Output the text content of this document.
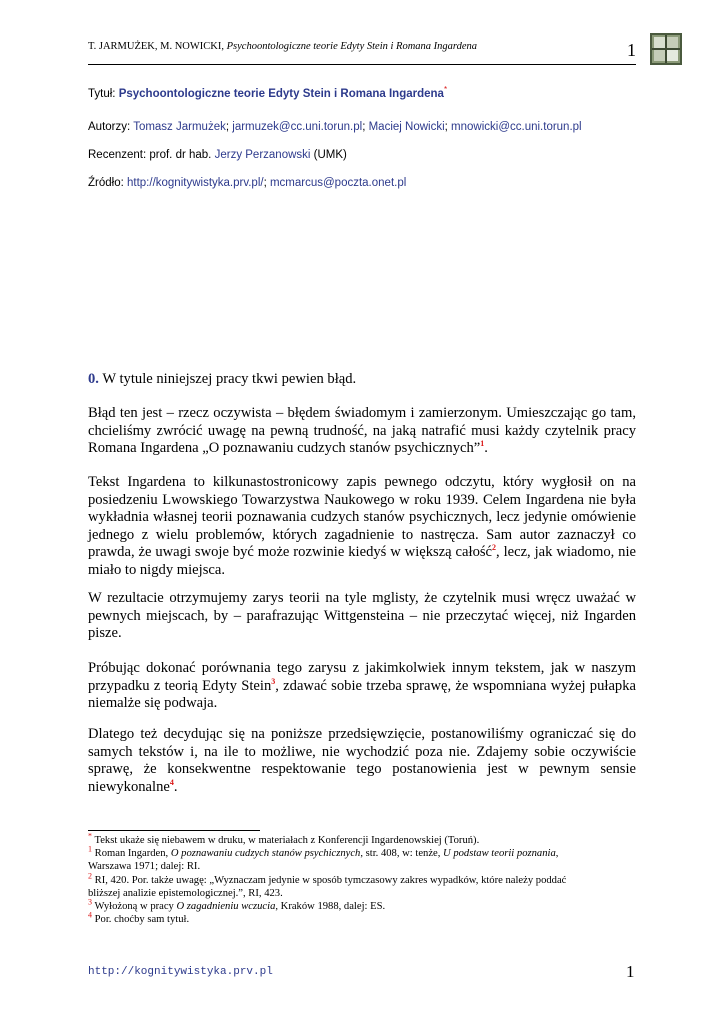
T. JARMUŻEK, M. NOWICKI, Psychoontologiczne teorie Edyty Stein i Romana Ingardena	1
Tytuł: Psychoontologiczne teorie Edyty Stein i Romana Ingardena*
Autorzy: Tomasz Jarmużek; jarmuzek@cc.uni.torun.pl; Maciej Nowicki; mnowicki@cc.uni.torun.pl
Recenzent: prof. dr hab. Jerzy Perzanowski (UMK)
Źródło: http://kognitywistyka.prv.pl/; mcmarcus@poczta.onet.pl
0. W tytule niniejszej pracy tkwi pewien błąd.
Błąd ten jest – rzecz oczywista – błędem świadomym i zamierzonym. Umieszczając go tam, chcieliśmy zwrócić uwagę na pewną trudność, na jaką natrafić musi każdy czytelnik pracy Romana Ingardena „O poznawaniu cudzych stanów psychicznych”$^1$.
Tekst Ingardena to kilkunastostronicowy zapis pewnego odczytu, który wygłosił on na posiedzeniu Lwowskiego Towarzystwa Naukowego w roku 1939. Celem Ingardena nie była wykładnia własnej teorii poznawania cudzych stanów psychicznych, lecz jedynie omówienie jednego z wielu problemów, których zagadnienie to nastręcza. Sam autor zaznaczył co prawda, że uwagi swoje być może rozwinie kiedyś w większą całość$^2$, lecz, jak wiadomo, nie miało to nigdy miejsca.
W rezultacie otrzymujemy zarys teorii na tyle mglisty, że czytelnik musi wręcz uważać w pewnych miejscach, by – parafrazując Wittgensteina – nie przeczytać więcej, niż Ingarden pisze.
Próbując dokonać porównania tego zarysu z jakimkolwiek innym tekstem, jak w naszym przypadku z teorią Edyty Stein$^3$, zdawać sobie trzeba sprawę, że wspomniana wyżej pułapka niemalże się podwaja.
Dlatego też decydując się na poniższe przedsięwzięcie, postanowiliśmy ograniczać się do samych tekstów i, na ile to możliwe, nie wychodzić poza nie. Zdajemy sobie oczywiście sprawę, że konsekwentne respektowanie tego postanowienia jest w pewnym sensie niewykonalne$^4$.

* Tekst ukaże się niebawem w druku, w materiałach z Konferencji Ingardenowskiej (Toruń).

$^1$ Roman Ingarden, O poznawaniu cudzych stanów psychicznych, str. 408, w: tenże, U podstaw teorii poznania, Warszawa 1971; dalej: RI.

$^2$ RI, 420. Por. także uwagę: „Wyznaczam jedynie w sposób tymczasowy zakres wypadków, które należy poddać bliższej analizie epistemologicznej.”, RI, 423.

$^3$ Wyłożoną w pracy O zagadnieniu wczucia, Kraków 1988, dalej: ES.

$^4$ Por. choćby sam tytuł.

http://kognitywistyka.prv.pl	1
